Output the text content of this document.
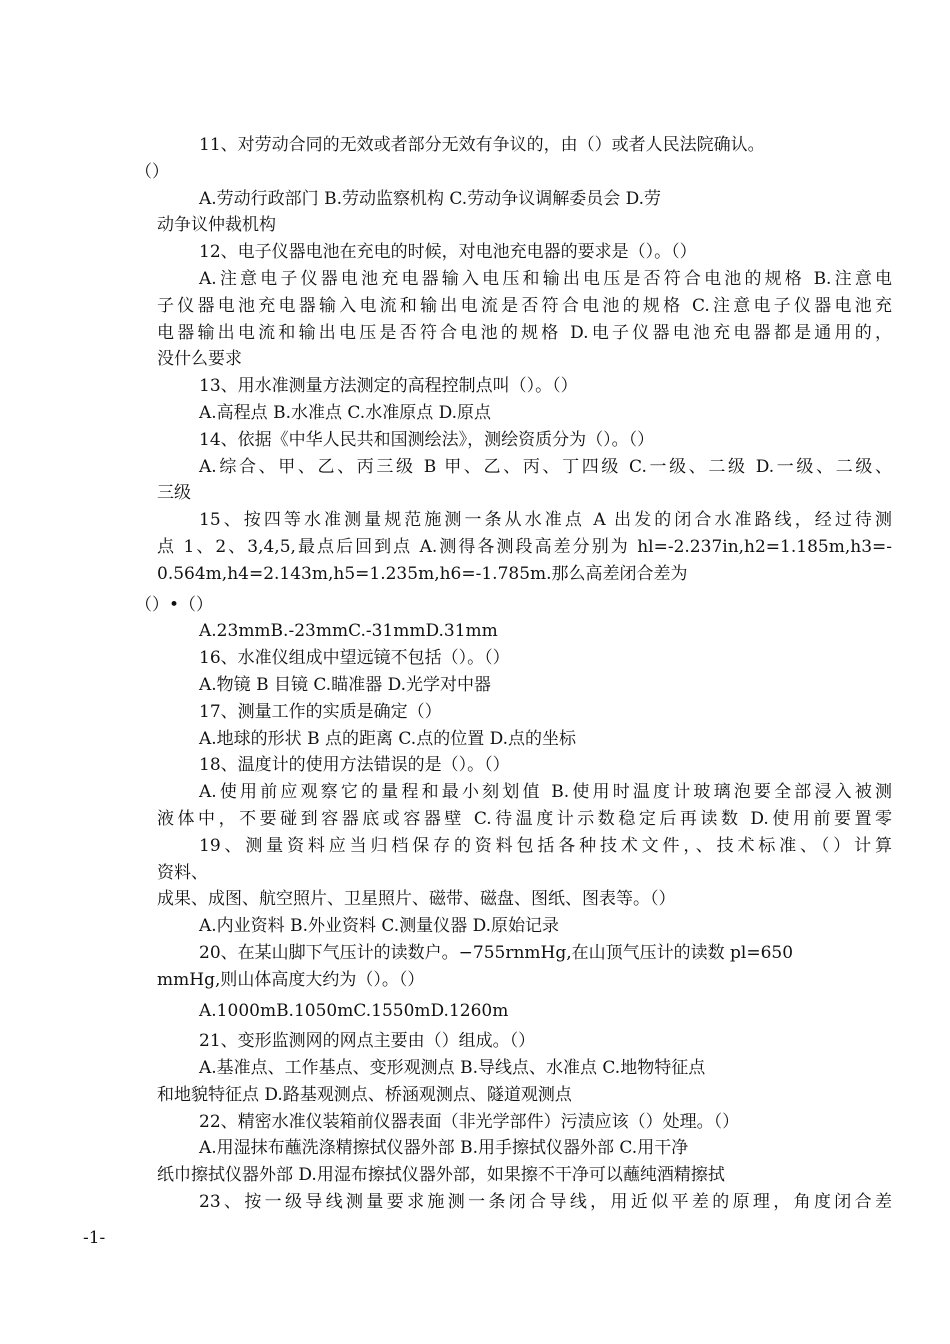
11、对劳动合同的无效或者部分无效有争议的，由（）或者人民法院确认。
（）
A.劳动行政部门 B.劳动监察机构 C.劳动争议调解委员会 D.劳
动争议仲裁机构
12、电子仪器电池在充电的时候，对电池充电器的要求是（）。（）
A.注意电子仪器电池充电器输入电压和输出电压是否符合电池的规格 B.注意电
子仪器电池充电器输入电流和输出电流是否符合电池的规格 C.注意电子仪器电池充
电器输出电流和输出电压是否符合电池的规格 D.电子仪器电池充电器都是通用的，
没什么要求
13、用水准测量方法测定的高程控制点叫（）。（）
A.高程点 B.水准点 C.水准原点 D.原点
14、依据《中华人民共和国测绘法》，测绘资质分为（）。（）
A.综合、甲、乙、丙三级 B 甲、乙、丙、丁四级 C.一级、二级 D.一级、二级、
三级
15、按四等水准测量规范施测一条从水准点 A 出发的闭合水准路线，经过待测
点 1、2、3,4,5,最点后回到点 A.测得各测段高差分别为 hl=-2.237in,h2=1.185m,h3=-
0.564m,h4=2.143m,h5=1.235m,h6=-1.785m.那么高差闭合差为
（）•（）
A.23mmB.-23mmC.-31mmD.31mm
16、水准仪组成中望远镜不包括（）。（）
A.物镜 B 目镜 C.瞄准器 D.光学对中器
17、测量工作的实质是确定（）
A.地球的形状 B 点的距离 C.点的位置 D.点的坐标
18、温度计的使用方法错误的是（）。（）
A.使用前应观察它的量程和最小刻划值 B.使用时温度计玻璃泡要全部浸入被测
液体中，不要碰到容器底或容器壁 C.待温度计示数稳定后再读数 D.使用前要置零
19、测量资料应当归档保存的资料包括各种技术文件，、技术标准、（）计算
资料、
成果、成图、航空照片、卫星照片、磁带、磁盘、图纸、图表等。（）
A.内业资料 B.外业资料 C.测量仪器 D.原始记录
20、在某山脚下气压计的读数户。−755rnmHg,在山顶气压计的读数 pl=650
mmHg,则山体高度大约为（）。（）
A.1000mB.1050mC.1550mD.1260m
21、变形监测网的网点主要由（）组成。（）
A.基准点、工作基点、变形观测点 B.导线点、水准点 C.地物特征点
和地貌特征点 D.路基观测点、桥涵观测点、隧道观测点
22、精密水准仪装箱前仪器表面（非光学部件）污渍应该（）处理。（）
A.用湿抹布蘸洗涤精擦拭仪器外部 B.用手擦拭仪器外部 C.用干净
纸巾擦拭仪器外部 D.用湿布擦拭仪器外部，如果擦不干净可以蘸纯酒精擦拭
23、按一级导线测量要求施测一条闭合导线，用近似平差的原理，角度闭合差
-1-
